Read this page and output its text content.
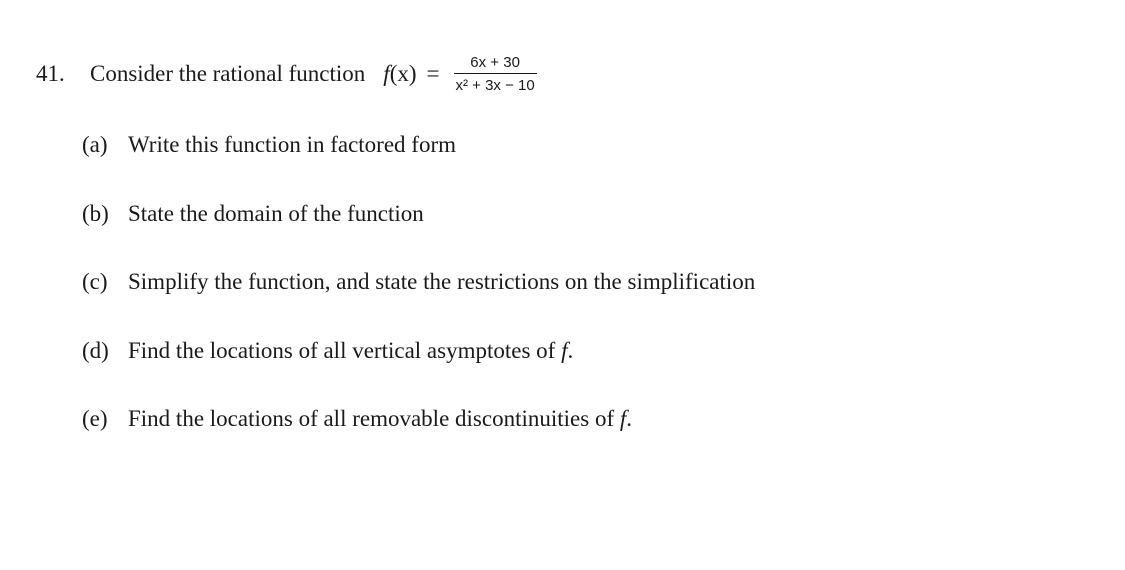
41.	Consider the rational function f $(x) = \frac{6x + 30}{\text{x² + 3x − 10}}$
(a) Write this function in factored form
(b) State the domain of the function
(c) Simplify the function, and state the restrictions on the simplification
(d) Find the locations of all vertical asymptotes of f.
(e) Find the locations of all removable discontinuities of f.
